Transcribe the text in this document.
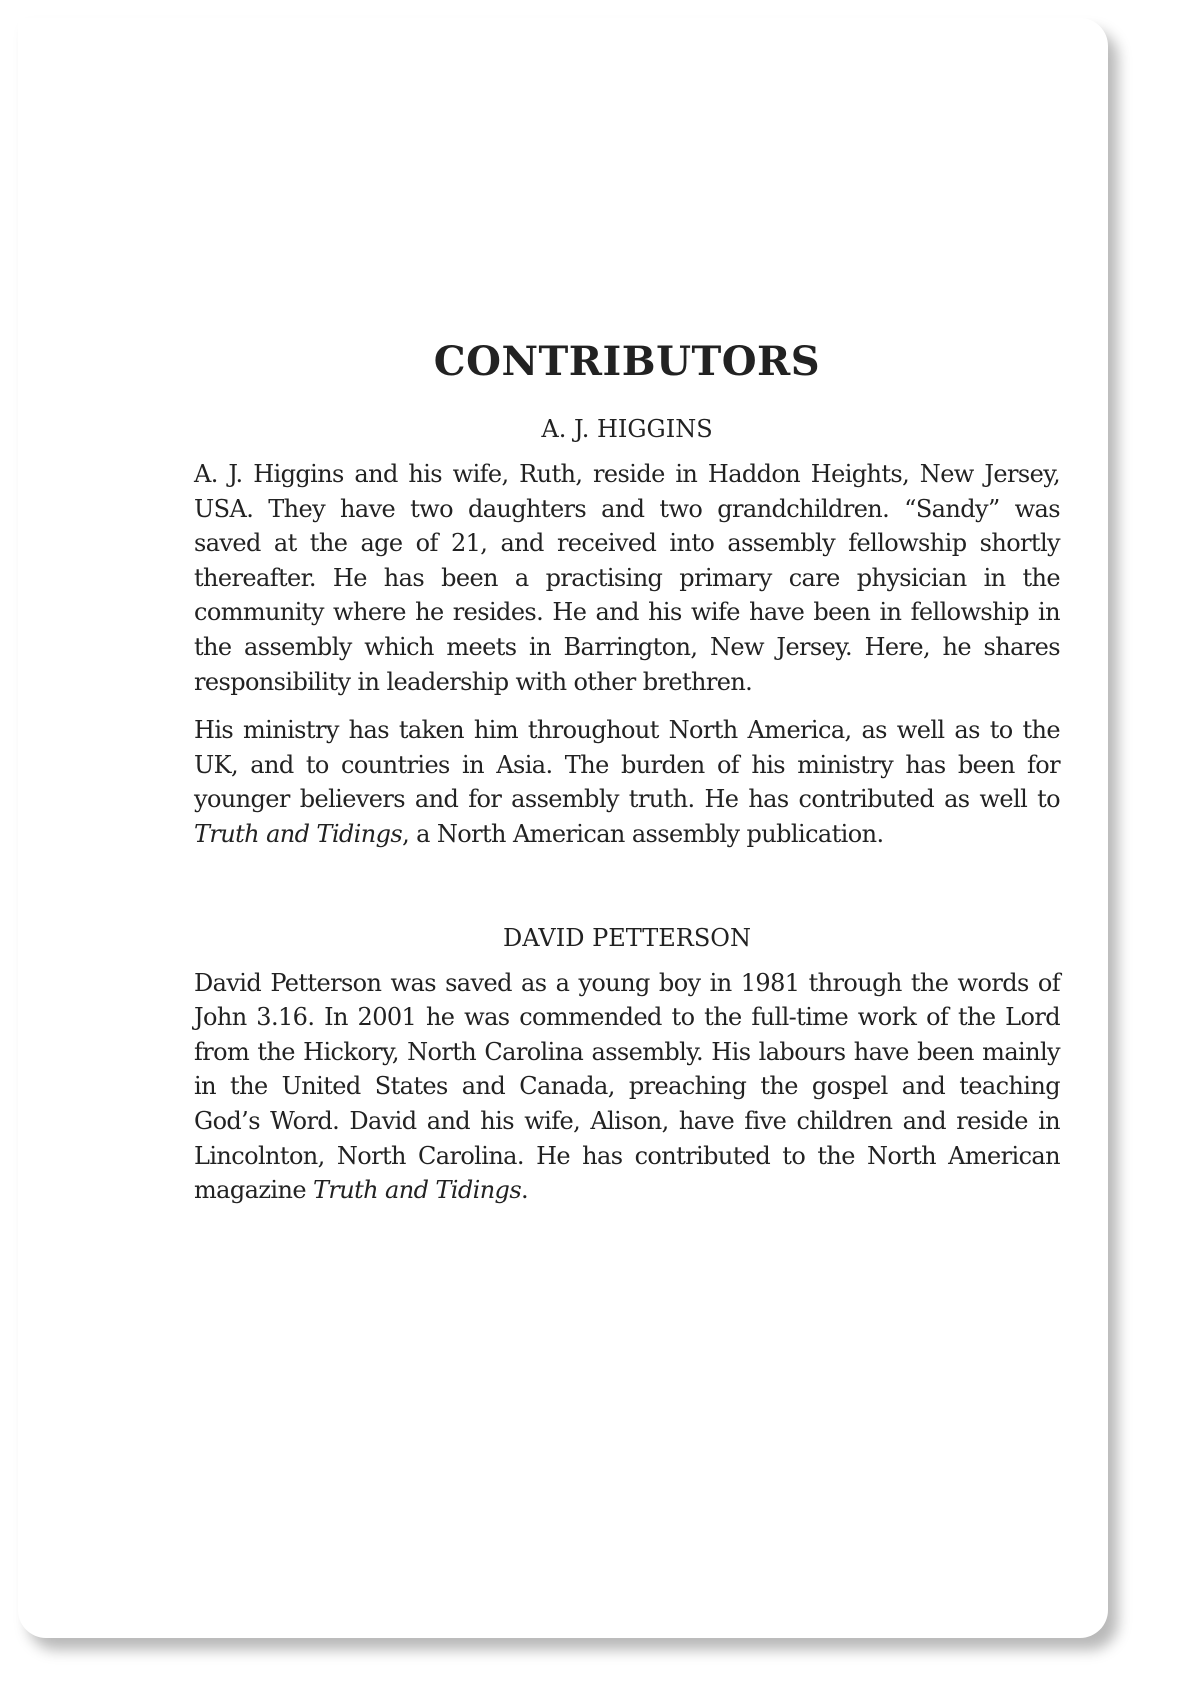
CONTRIBUTORS
A. J. HIGGINS

A. J. Higgins and his wife, Ruth, reside in Haddon Heights, New Jersey, USA. They have two daughters and two grandchildren. “Sandy” was saved at the age of 21, and received into assembly fellowship shortly thereafter. He has been a practising primary care physician in the community where he resides. He and his wife have been in fellowship in the assembly which meets in Barrington, New Jersey. Here, he shares responsibility in leadership with other brethren.

His ministry has taken him throughout North America, as well as to the UK, and to countries in Asia. The burden of his ministry has been for younger believers and for assembly truth. He has contributed as well to Truth and Tidings, a North American assembly publication.

DAVID PETTERSON

David Petterson was saved as a young boy in 1981 through the words of John 3.16. In 2001 he was commended to the full-time work of the Lord from the Hickory, North Carolina assembly. His labours have been mainly in the United States and Canada, preaching the gospel and teaching God’s Word. David and his wife, Alison, have five children and reside in Lincolnton, North Carolina. He has contributed to the North American magazine Truth and Tidings.
